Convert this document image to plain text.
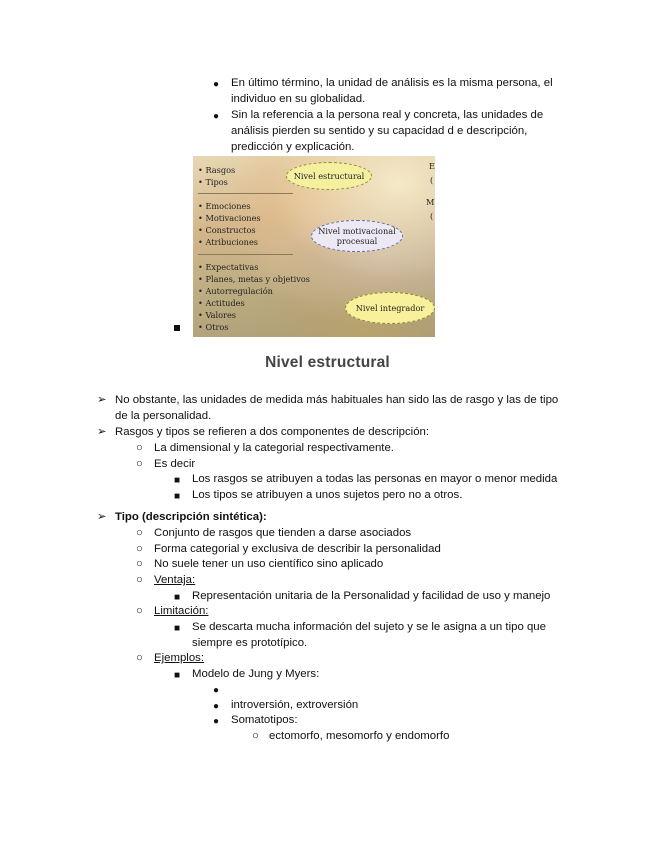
● En último término, la unidad de análisis es la misma persona, el
individuo en su globalidad.
● Sin la referencia a la persona real y concreta, las unidades de
análisis pierden su sentido y su capacidad d e descripción,
predicción y explicación.
• Rasgos
• Tipos
• Emociones
• Motivaciones
• Constructos
• Atribuciones
• Expectativas
• Planes, metas y objetivos
• Autorregulación
• Actitudes
• Valores
• Otros
Nivel estructural
Nivel motivacional
procesual
Nivel integrador
E
(
M
(
Nivel estructural
➢ No obstante, las unidades de medida más habituales han sido las de rasgo y las de tipo
de la personalidad.
➢ Rasgos y tipos se refieren a dos componentes de descripción:
○ La dimensional y la categorial respectivamente.
○ Es decir
■ Los rasgos se atribuyen a todas las personas en mayor o menor medida
■ Los tipos se atribuyen a unos sujetos pero no a otros.
➢ Tipo (descripción sintética):
○ Conjunto de rasgos que tienden a darse asociados
○ Forma categorial y exclusiva de describir la personalidad
○ No suele tener un uso científico sino aplicado
○ Ventaja:
■ Representación unitaria de la Personalidad y facilidad de uso y manejo
○ Limitación:
■ Se descarta mucha información del sujeto y se le asigna a un tipo que
siempre es prototípico.
○ Ejemplos:
■ Modelo de Jung y Myers:
●
● introversión, extroversión
● Somatotipos:
○ ectomorfo, mesomorfo y endomorfo
